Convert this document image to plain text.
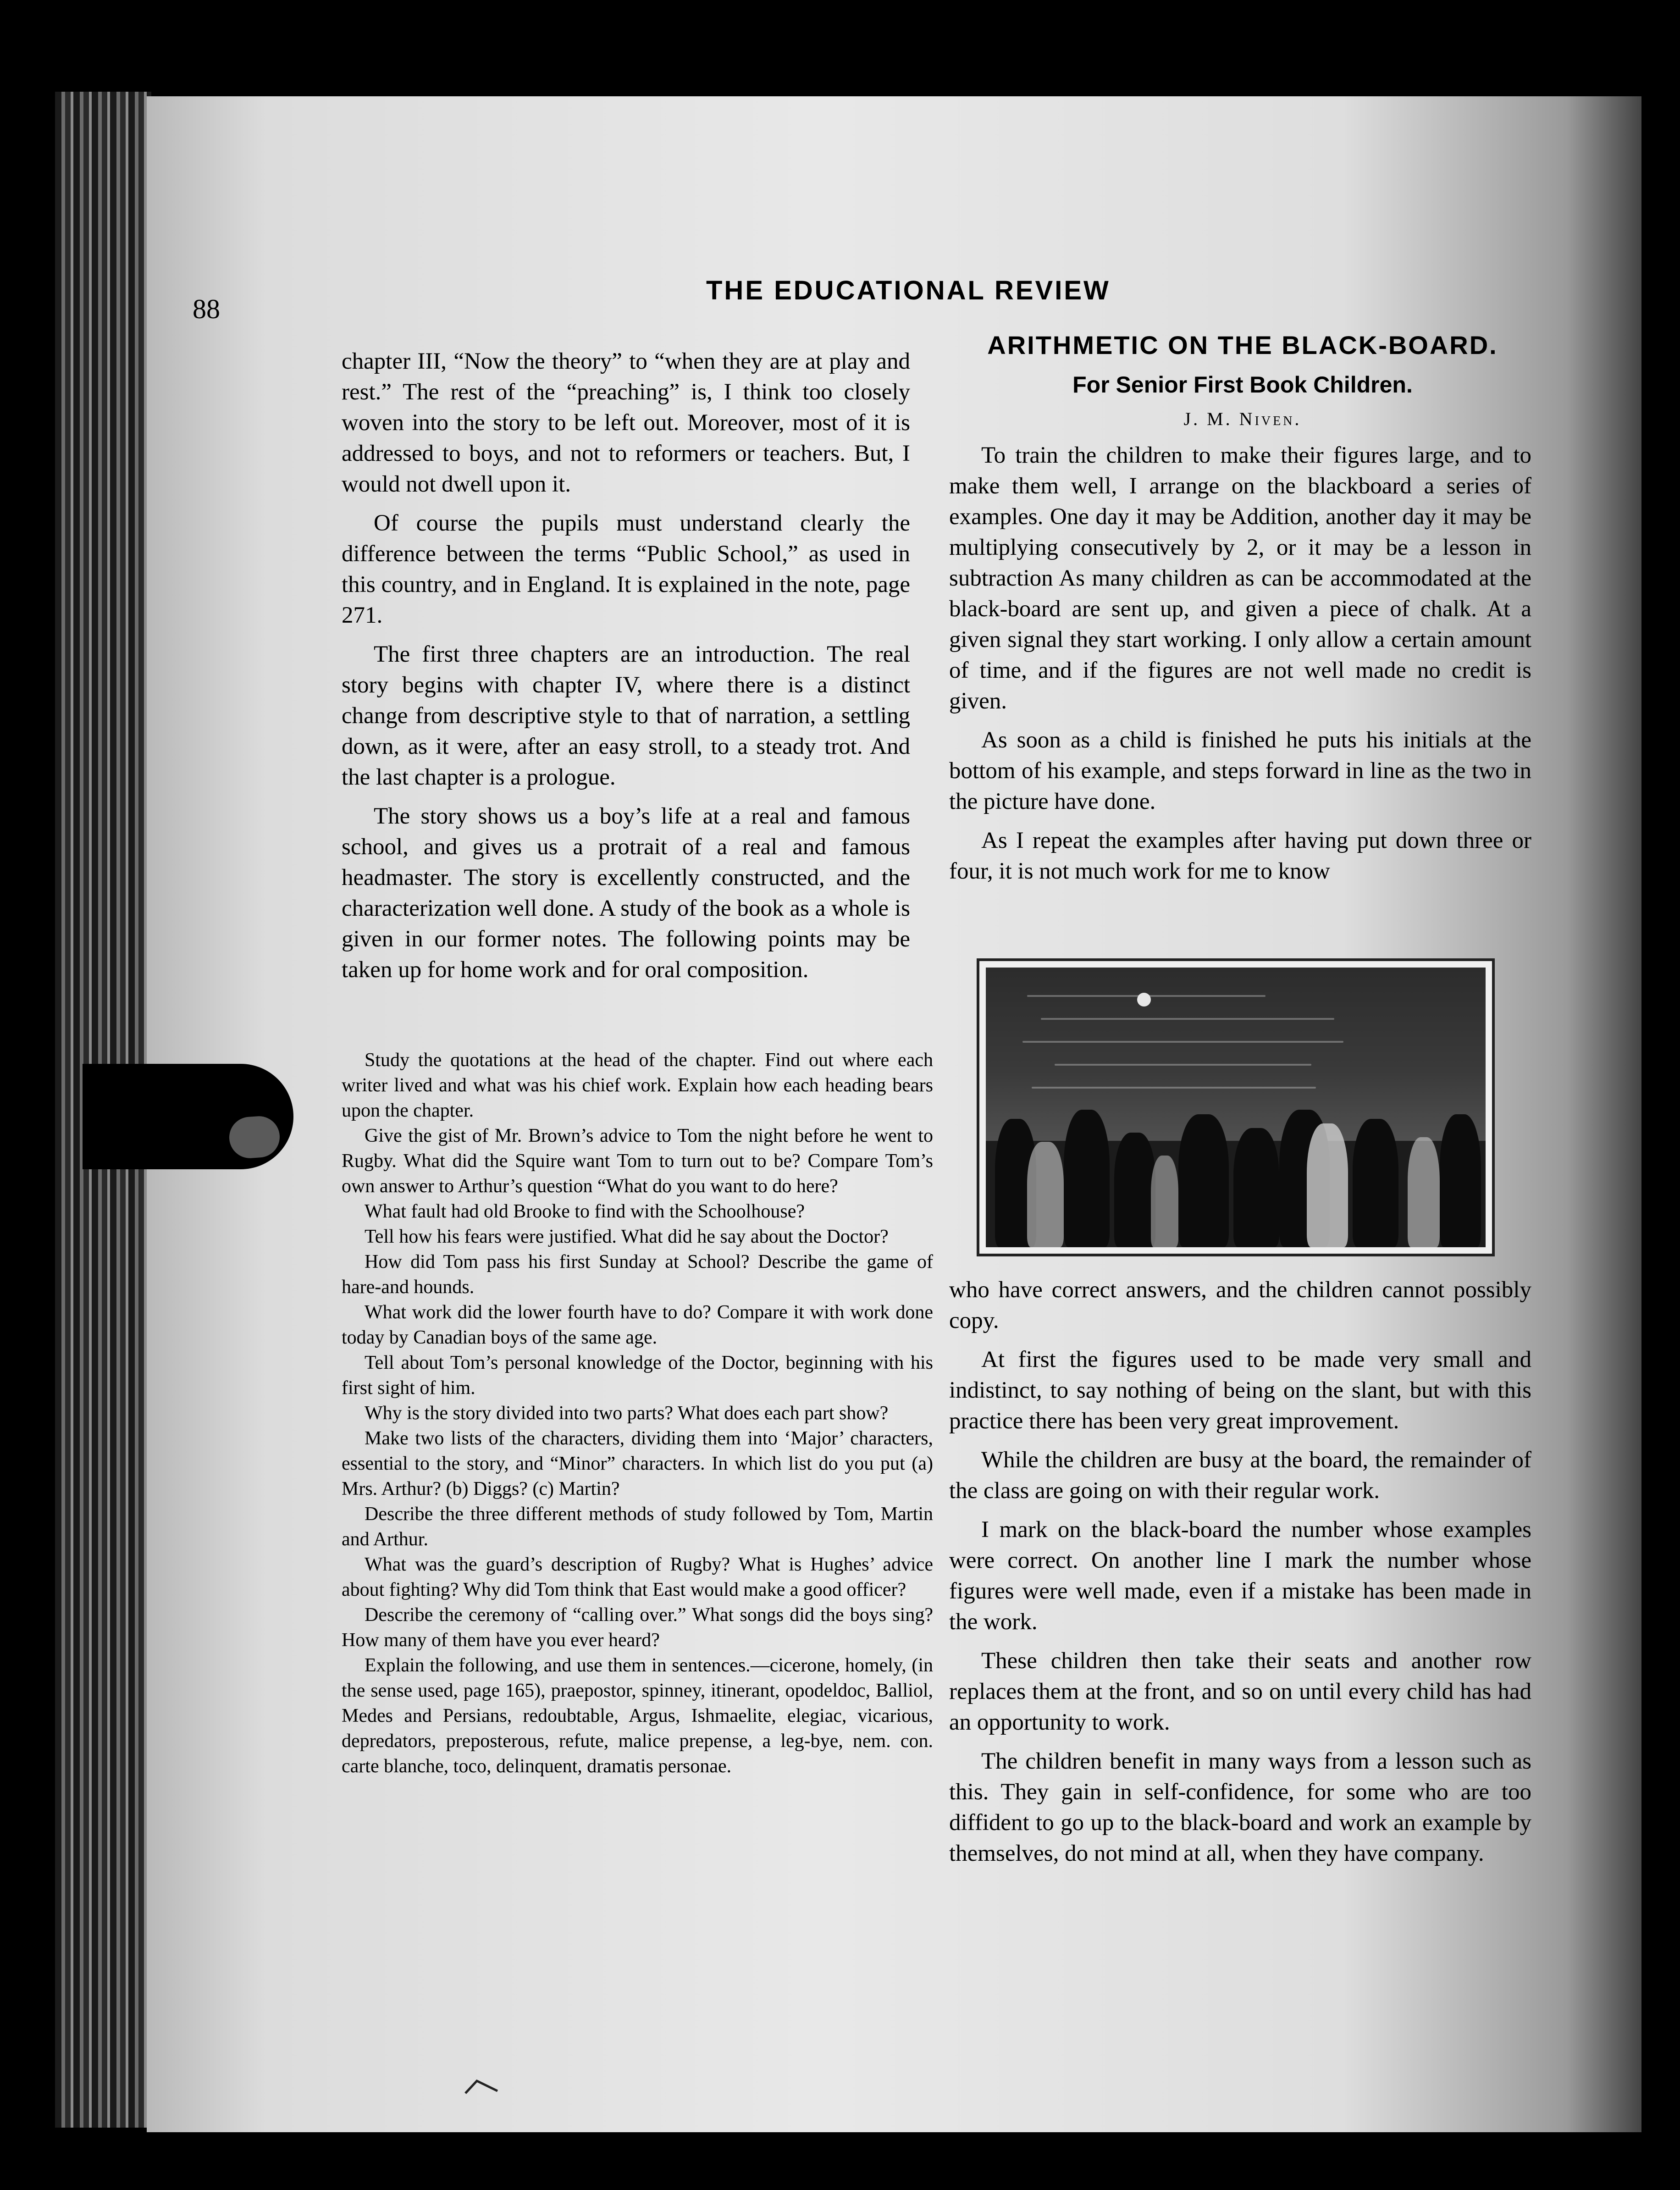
88

THE EDUCATIONAL REVIEW

chapter III, “Now the theory” to “when they are at play and rest.” The rest of the “preaching” is, I think too closely woven into the story to be left out. Moreover, most of it is addressed to boys, and not to reformers or teachers. But, I would not dwell upon it.

Of course the pupils must understand clearly the difference between the terms “Public School,” as used in this country, and in England. It is explained in the note, page 271.

The first three chapters are an introduction. The real story begins with chapter IV, where there is a distinct change from descriptive style to that of narration, a settling down, as it were, after an easy stroll, to a steady trot. And the last chapter is a prologue.

The story shows us a boy’s life at a real and famous school, and gives us a protrait of a real and famous headmaster. The story is excellently constructed, and the characterization well done. A study of the book as a whole is given in our former notes. The following points may be taken up for home work and for oral composition.

Study the quotations at the head of the chapter. Find out where each writer lived and what was his chief work. Explain how each heading bears upon the chapter.

Give the gist of Mr. Brown’s advice to Tom the night before he went to Rugby. What did the Squire want Tom to turn out to be? Compare Tom’s own answer to Arthur’s question “What do you want to do here?

What fault had old Brooke to find with the Schoolhouse?

Tell how his fears were justified. What did he say about the Doctor?

How did Tom pass his first Sunday at School? Describe the game of hare-and hounds.

What work did the lower fourth have to do? Compare it with work done today by Canadian boys of the same age.

Tell about Tom’s personal knowledge of the Doctor, beginning with his first sight of him.

Why is the story divided into two parts? What does each part show?

Make two lists of the characters, dividing them into ‘Major’ characters, essential to the story, and “Minor” characters. In which list do you put (a) Mrs. Arthur? (b) Diggs? (c) Martin?

Describe the three different methods of study followed by Tom, Martin and Arthur.

What was the guard’s description of Rugby? What is Hughes’ advice about fighting? Why did Tom think that East would make a good officer?

Describe the ceremony of “calling over.” What songs did the boys sing? How many of them have you ever heard?

Explain the following, and use them in sentences.—cicerone, homely, (in the sense used, page 165), praepostor, spinney, itinerant, opodeldoc, Balliol, Medes and Persians, redoubtable, Argus, Ishmaelite, elegiac, vicarious, depredators, preposterous, refute, malice prepense, a leg-bye, nem. con. carte blanche, toco, delinquent, dramatis personae.

ARITHMETIC ON THE BLACK-BOARD.
For Senior First Book Children.

J. M. Niven.

To train the children to make their figures large, and to make them well, I arrange on the blackboard a series of examples. One day it may be Addition, another day it may be multiplying consecutively by 2, or it may be a lesson in subtraction As many children as can be accommodated at the black-board are sent up, and given a piece of chalk. At a given signal they start working. I only allow a certain amount of time, and if the figures are not well made no credit is given.

As soon as a child is finished he puts his initials at the bottom of his example, and steps forward in line as the two in the picture have done.

As I repeat the examples after having put down three or four, it is not much work for me to know

who have correct answers, and the children cannot possibly copy.

At first the figures used to be made very small and indistinct, to say nothing of being on the slant, but with this practice there has been very great improvement.

While the children are busy at the board, the remainder of the class are going on with their regular work.

I mark on the black-board the number whose examples were correct. On another line I mark the number whose figures were well made, even if a mistake has been made in the work.

These children then take their seats and another row replaces them at the front, and so on until every child has had an opportunity to work.

The children benefit in many ways from a lesson such as this. They gain in self-confidence, for some who are too diffident to go up to the black-board and work an example by themselves, do not mind at all, when they have company.
